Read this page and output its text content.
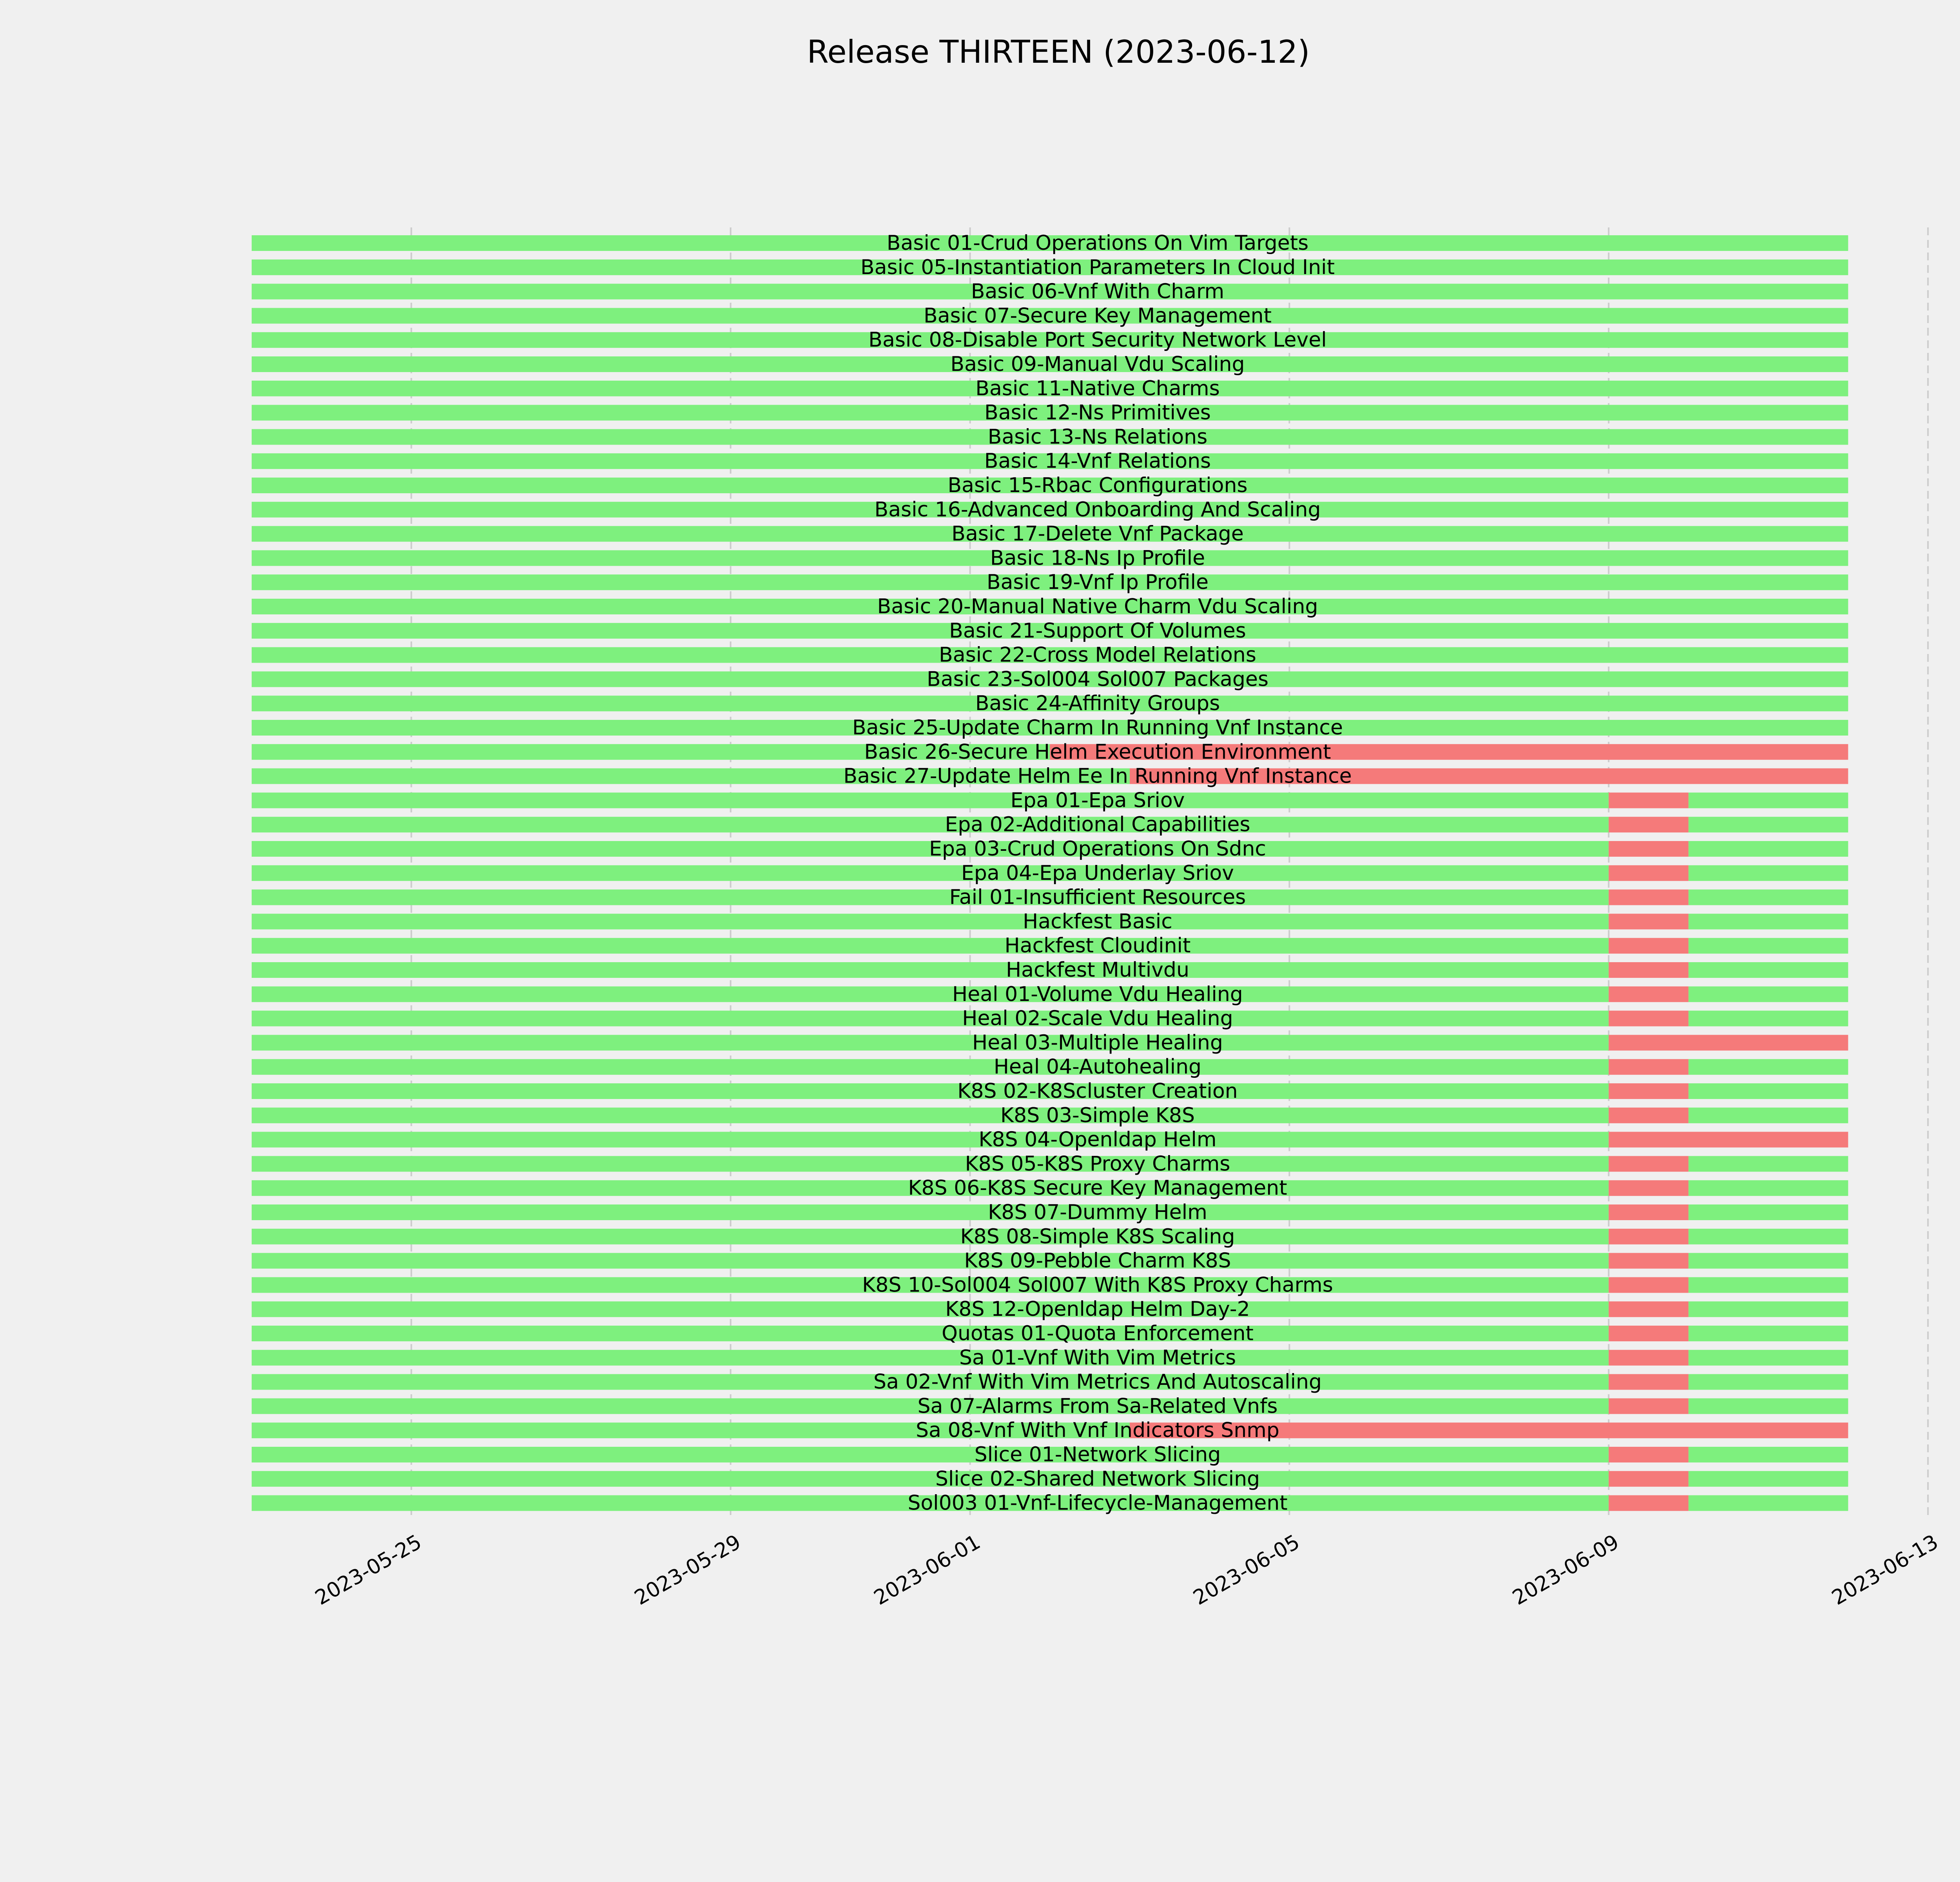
Release THIRTEEN (2023-06-12)
Basic 01-Crud Operations On Vim Targets
Basic 05-Instantiation Parameters In Cloud Init
Basic 06-Vnf With Charm
Basic 07-Secure Key Management
Basic 08-Disable Port Security Network Level
Basic 09-Manual Vdu Scaling
Basic 11-Native Charms
Basic 12-Ns Primitives
Basic 13-Ns Relations
Basic 14-Vnf Relations
Basic 15-Rbac Configurations
Basic 16-Advanced Onboarding And Scaling
Basic 17-Delete Vnf Package
Basic 18-Ns Ip Profile
Basic 19-Vnf Ip Profile
Basic 20-Manual Native Charm Vdu Scaling
Basic 21-Support Of Volumes
Basic 22-Cross Model Relations
Basic 23-Sol004 Sol007 Packages
Basic 24-Affinity Groups
Basic 25-Update Charm In Running Vnf Instance
Basic 26-Secure Helm Execution Environment
Basic 27-Update Helm Ee In Running Vnf Instance
Epa 01-Epa Sriov
Epa 02-Additional Capabilities
Epa 03-Crud Operations On Sdnc
Epa 04-Epa Underlay Sriov
Fail 01-Insufficient Resources
Hackfest Basic
Hackfest Cloudinit
Hackfest Multivdu
Heal 01-Volume Vdu Healing
Heal 02-Scale Vdu Healing
Heal 03-Multiple Healing
Heal 04-Autohealing
K8S 02-K8Scluster Creation
K8S 03-Simple K8S
K8S 04-Openldap Helm
K8S 05-K8S Proxy Charms
K8S 06-K8S Secure Key Management
K8S 07-Dummy Helm
K8S 08-Simple K8S Scaling
K8S 09-Pebble Charm K8S
K8S 10-Sol004 Sol007 With K8S Proxy Charms
K8S 12-Openldap Helm Day-2
Quotas 01-Quota Enforcement
Sa 01-Vnf With Vim Metrics
Sa 02-Vnf With Vim Metrics And Autoscaling
Sa 07-Alarms From Sa-Related Vnfs
Sa 08-Vnf With Vnf Indicators Snmp
Slice 01-Network Slicing
Slice 02-Shared Network Slicing
Sol003 01-Vnf-Lifecycle-Management
2023-05-25	2023-05-29	2023-06-01	2023-06-05	2023-06-09	2023-06-13
